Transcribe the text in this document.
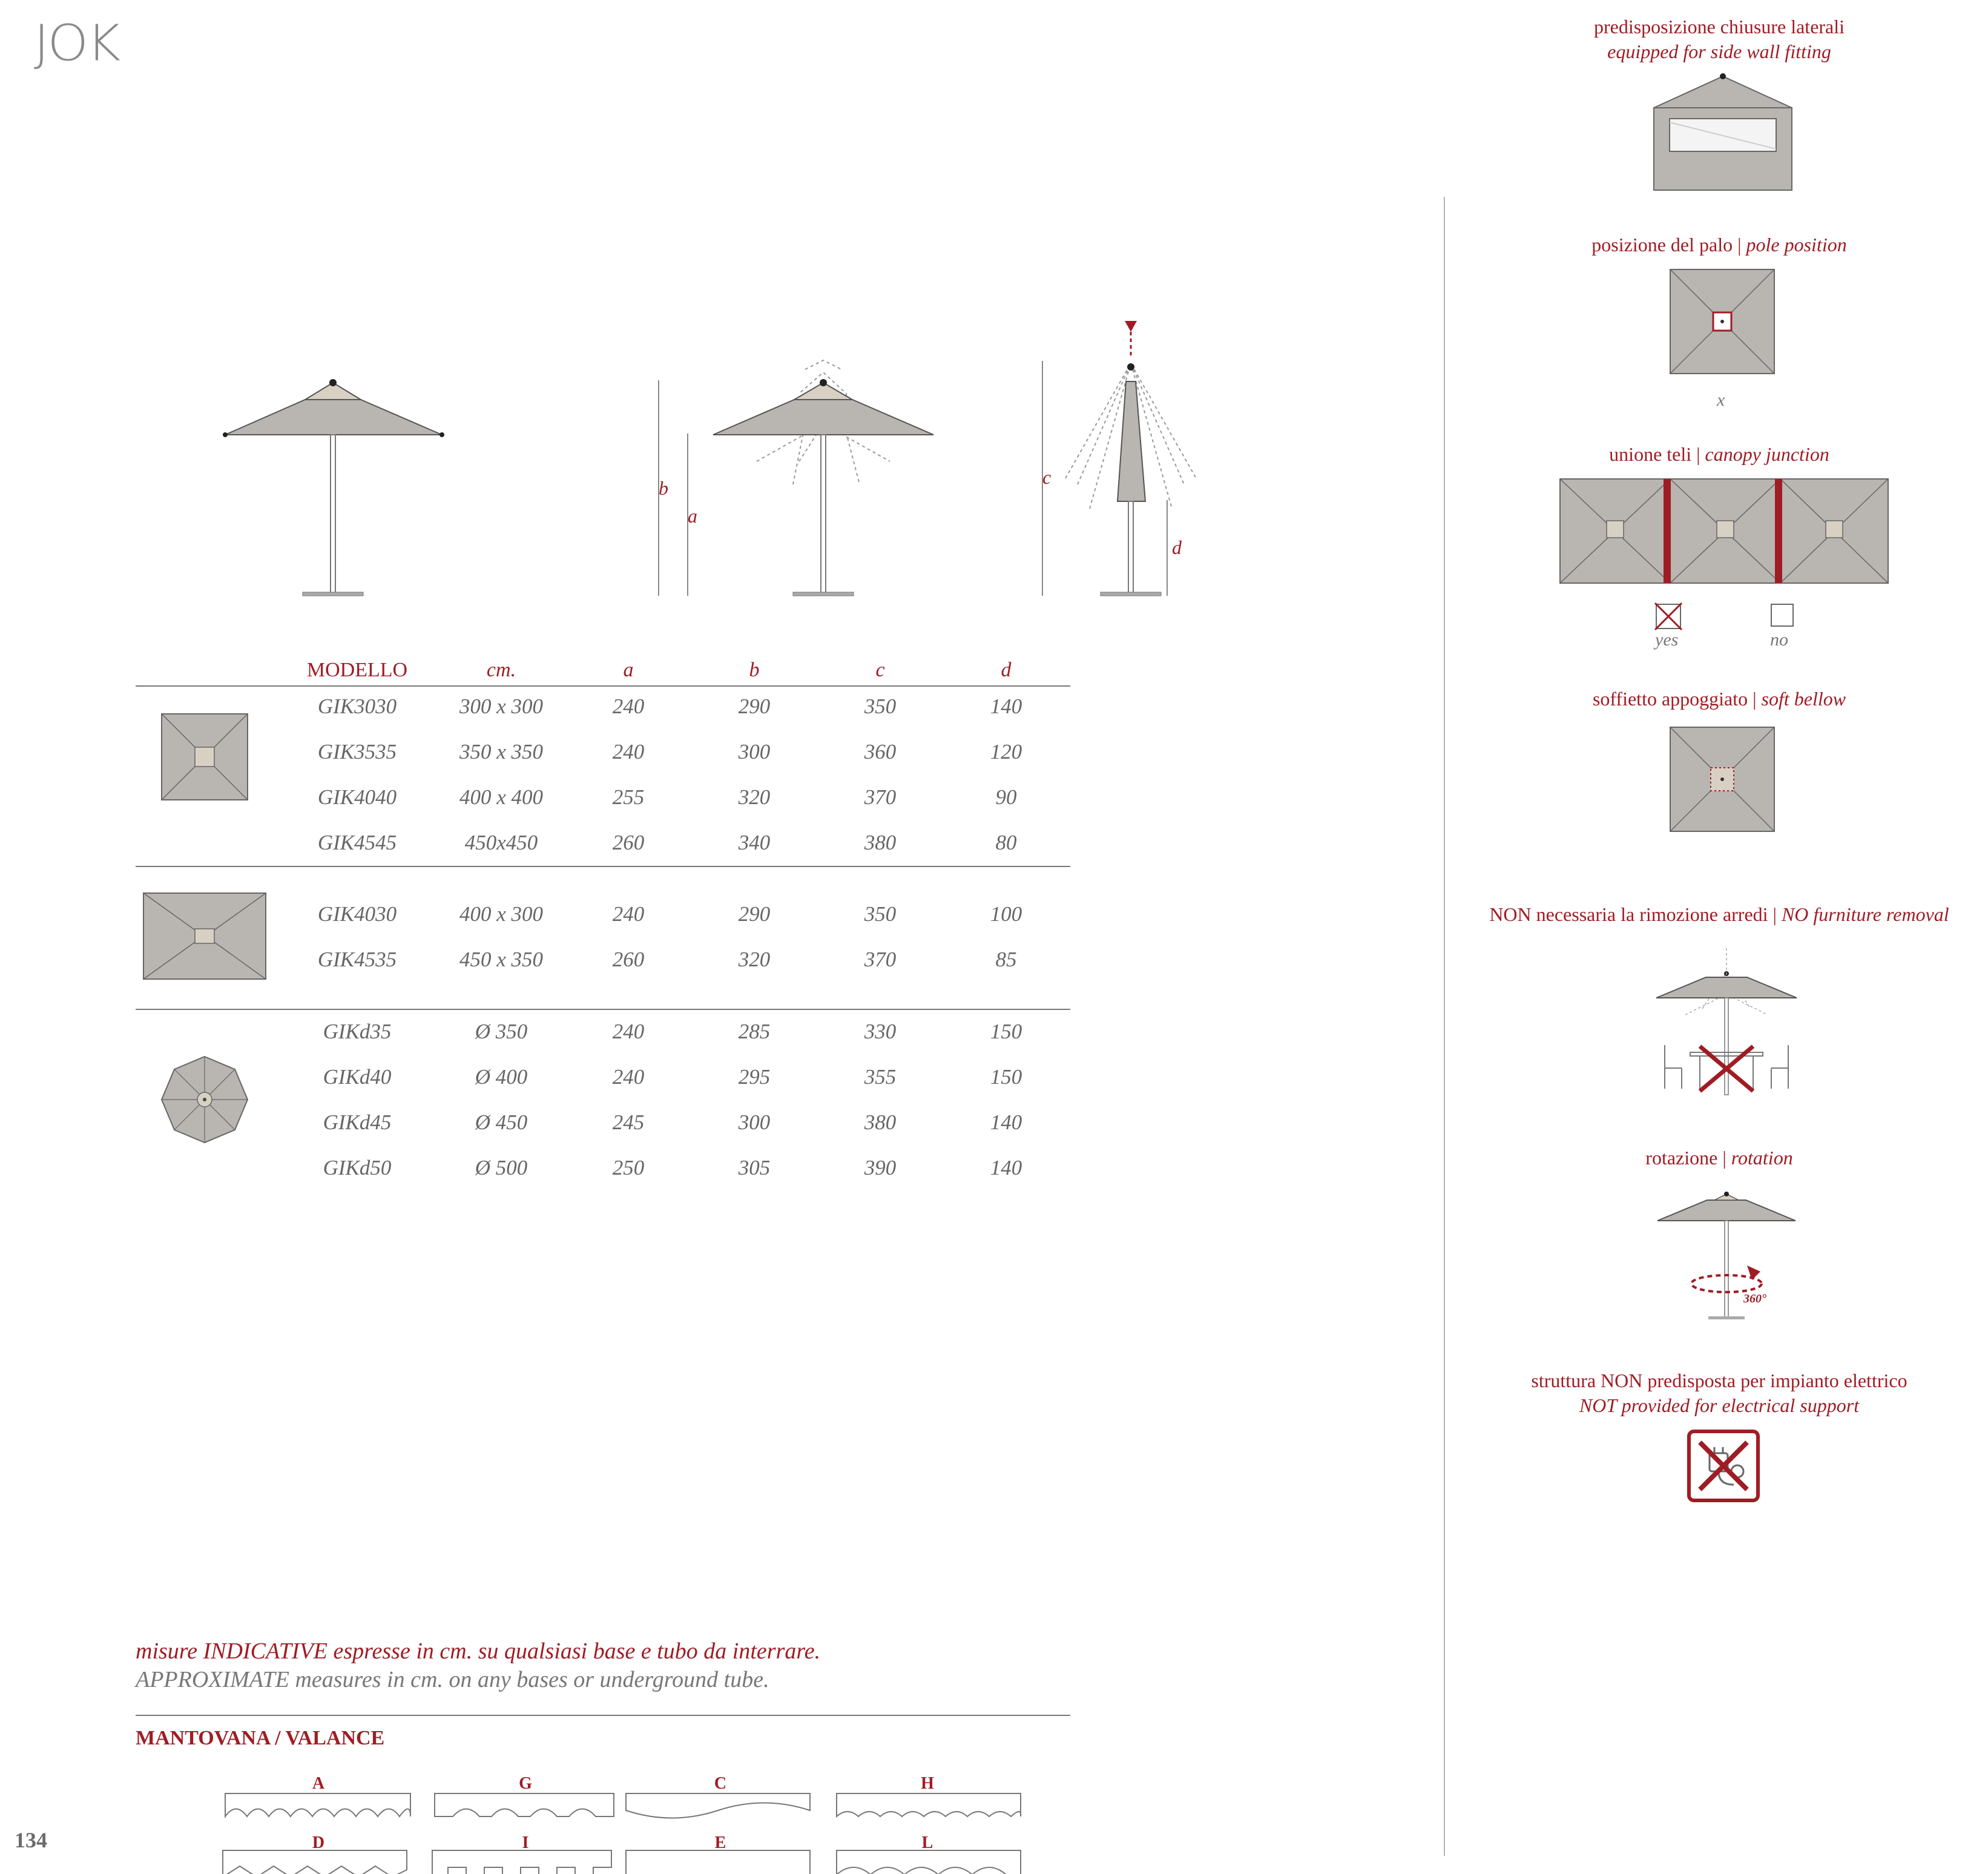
JOK
134
b
a
c
d
MODELLO	cm.	a	b	c	d
GIK3030	300 x 300	240	290	350	140
GIK3535	350 x 350	240	300	360	120
GIK4040	400 x 400	255	320	370	90
GIK4545	450x450	260	340	380	80
GIK4030	400 x 300	240	290	350	100
GIK4535	450 x 350	260	320	370	85
GIKd35	Ø 350	240	285	330	150
GIKd40	Ø 400	240	295	355	150
GIKd45	Ø 450	245	300	380	140
GIKd50	Ø 500	250	305	390	140
misure INDICATIVE espresse in cm. su qualsiasi base e tubo da interrare.
APPROXIMATE measures in cm. on any bases or underground tube.
MANTOVANA / VALANCE
A	G	C	H
D	I	E	L
predisposizione chiusure laterali
equipped for side wall fitting
posizione del palo | pole position
x
unione teli | canopy junction
yes	no
soffietto appoggiato | soft bellow
NON necessaria la rimozione arredi | NO furniture removal
rotazione | rotation
360°
struttura NON predisposta per impianto elettrico
NOT provided for electrical support
